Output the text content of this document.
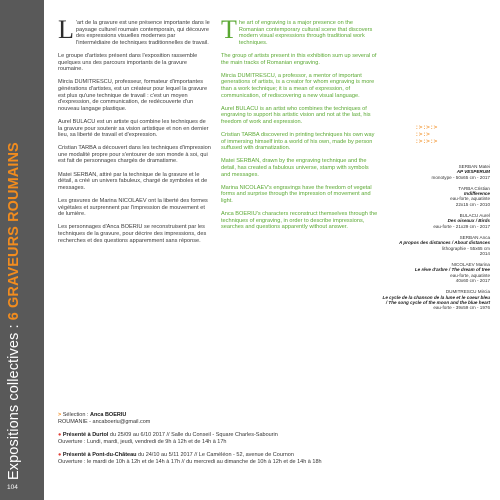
Expositions collectives : 6 GRAVEURS ROUMAINS
104

L 'art de la gravure est une présence importante dans le paysage culturel roumain contemporain, qui découvre des expressions visuelles modernes par l'intermédiaire de techniques traditionnelles de travail.

Le groupe d'artistes présent dans l'exposition rassemble quelques uns des parcours importants de la gravure roumaine.

Mircia DUMITRESCU, professeur, formateur d'importantes générations d'artistes, est un créateur pour lequel la gravure est plus qu'une technique de travail : c'est un moyen d'expression, de communication, de redécouverte d'un nouveau langage plastique.

Aurel BULACU est un artiste qui combine les techniques de la gravure pour soutenir sa vision artistique et non en dernier lieu, sa liberté de travail et d'expression.

Cristian TARBA a découvert dans les techniques d'impression une modalité propre pour s'entourer de son monde à soi, qui est fait de personnages chargés de dramatisme.

Matei SERBAN, attiré par la technique de la gravure et le détail, a créé un univers fabuleux, chargé de symboles et de messages.

Les gravures de Marina NICOLAEV ont la liberté des formes végétales et surprennent par l'impression de mouvement et de lumière.

Les personnages d'Anca BOERIU se reconstruisent par les techniques de la gravure, pour décrire des impressions, des recherches et des questions apparemment sans réponse.

The art of engraving is a major presence on the Romanian contemporary cultural scene that discovers modern visual expressions through traditional work techniques.

The group of artists present in this exhibition sum up several of the main tracks of Romanian engraving.

Mircia DUMITRESCU, a professor, a mentor of important generations of artists, is a creator for whom engraving is more than a work technique; it is a mean of expression, of communication, of rediscovering a new visual language.

Aurel BULACU is an artist who combines the techniques of engraving to support his artistic vision and not at the last, his freedom of work and expression.

Cristian TARBA discovered in printing techniques his own way of immersing himself into a world of his own, made by person suffused with dramatization.

Matei SERBAN, drawn by the engraving technique and the detail, has created a fabulous universe, stamp with symbols and messages.

Marina NICOLAEV's engravings have the freedom of vegetal forms and surprise through the impression of movement and light.

Anca BOERIU's characters reconstruct themselves through the techniques of engraving, in order to describe impressions, searches and questions apparently without answer.

:>:>:>
:>:>
:>:>:>
SERBAN Matei
AP VESPERUM
monotype - 50x65 cm - 2017
TARBA Cristian
Indifference
eau-forte, aquatinte
22x15 cm - 2010
BULACU Aurel
Des oiseaux / Birds
eau-forte - 21x29 cm - 2017
SERBAN Anca
A propos des distances / About distances
lithographie - 55x65 cm
2014
NICOLAEV Marina
Le rêve d'arbre / The dream of tree
eau-forte, aquatinte
40x60 cm - 2017
DUMITRESCU Mircia
Le cycle de la chanson de la lune et le coeur bleu / The song cycle of the moon and the blue heart
eau-forte - 39x59 cm - 1976
> Sélection : Anca BOERIU
ROUMANIE - ancaboeriu@gmail.com
● Présenté à Durtol du 25/09 au 6/10 2017 // Salle du Conseil - Square Charles-Sabourin
Ouverture : Lundi, mardi, jeudi, vendredi de 9h à 12h et de 14h à 17h
● Présenté à Pont-du-Château du 24/10 au 5/11 2017 // Le Caméléon - 52, avenue de Cournon
Ouverture : le mardi de 10h à 12h et de 14h à 17h // du mercredi au dimanche de 10h à 12h et de 14h à 18h
